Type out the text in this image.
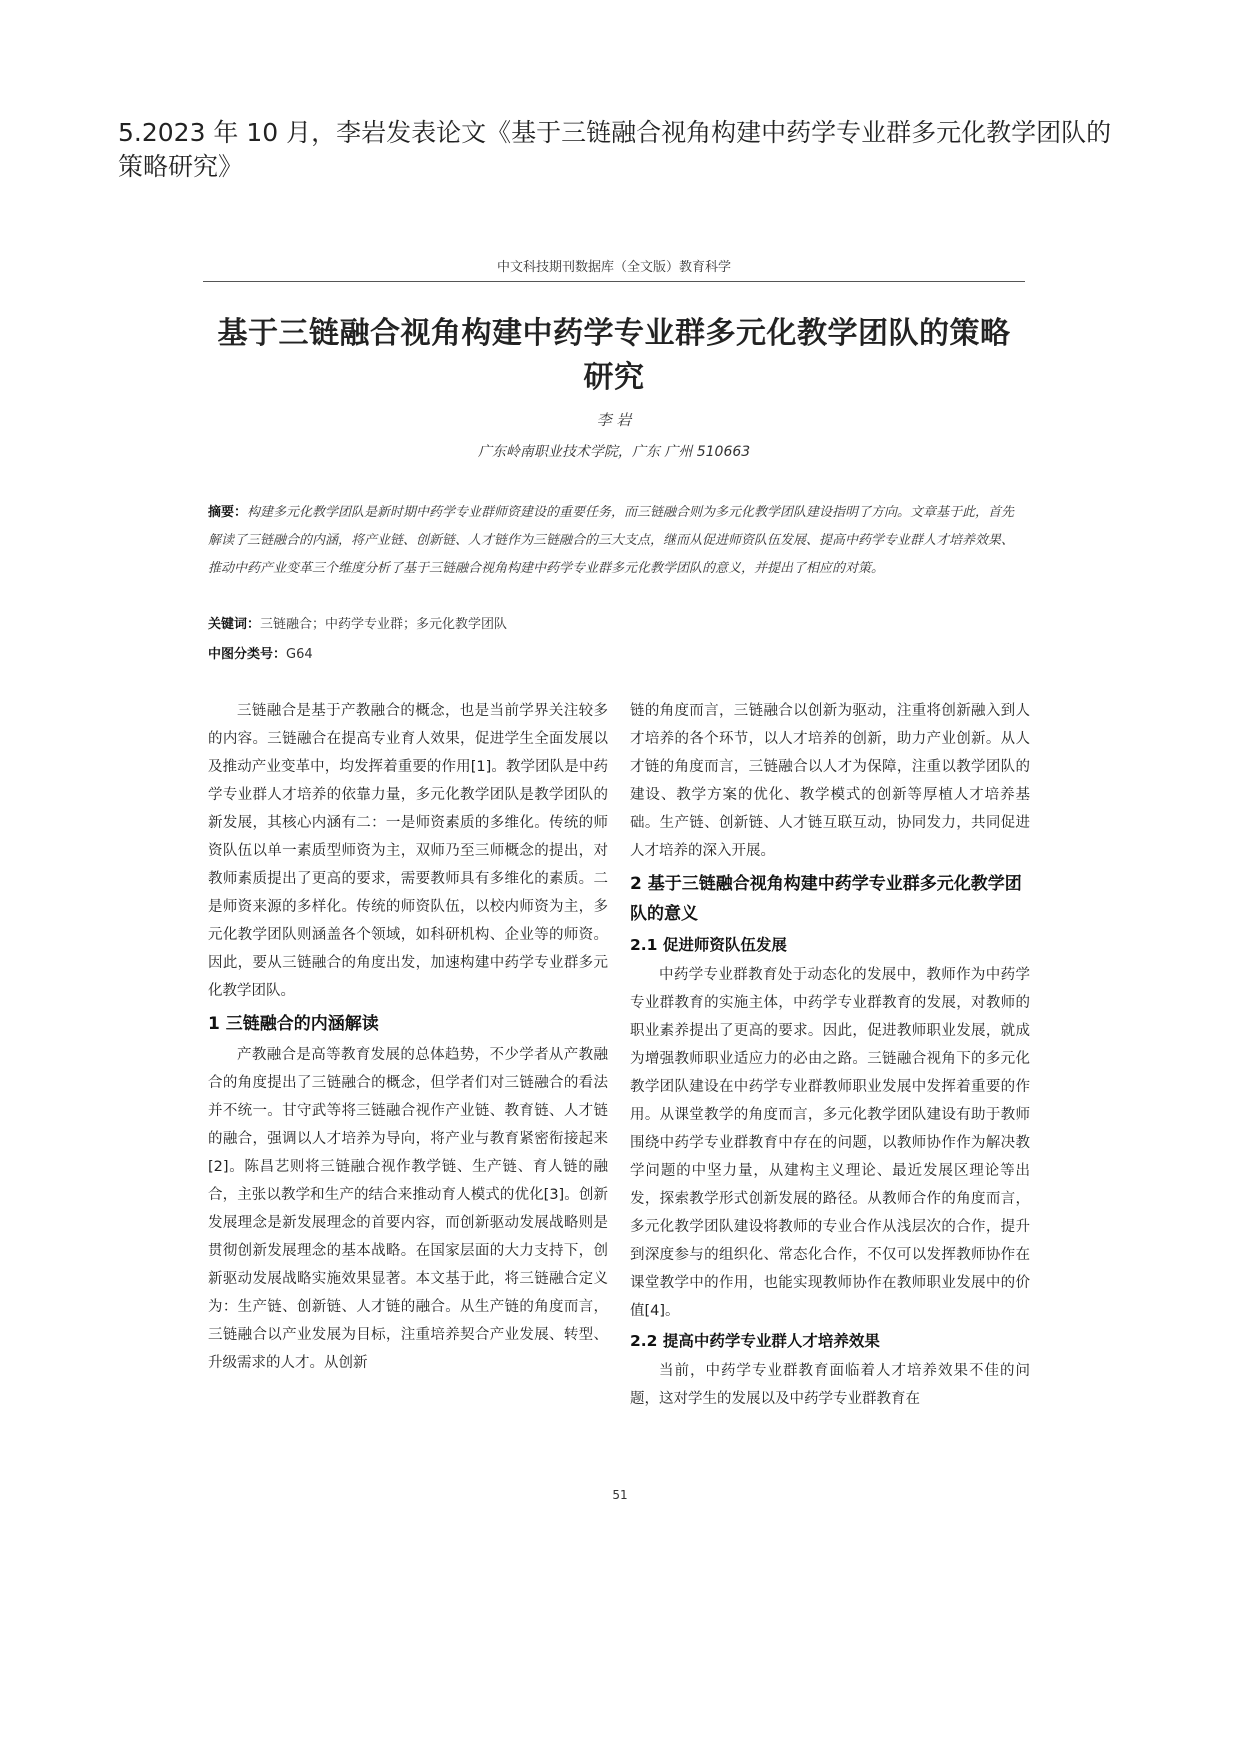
5.2023 年 10 月，李岩发表论文《基于三链融合视角构建中药学专业群多元化教学团队的策略研究》
中文科技期刊数据库（全文版）教育科学
基于三链融合视角构建中药学专业群多元化教学团队的策略研究
李 岩
广东岭南职业技术学院，广东 广州 510663
摘要：构建多元化教学团队是新时期中药学专业群师资建设的重要任务，而三链融合则为多元化教学团队建设指明了方向。文章基于此，首先解读了三链融合的内涵，将产业链、创新链、人才链作为三链融合的三大支点，继而从促进师资队伍发展、提高中药学专业群人才培养效果、推动中药产业变革三个维度分析了基于三链融合视角构建中药学专业群多元化教学团队的意义，并提出了相应的对策。
关键词：三链融合；中药学专业群；多元化教学团队
中图分类号：G64

三链融合是基于产教融合的概念，也是当前学界关注较多的内容。三链融合在提高专业育人效果，促进学生全面发展以及推动产业变革中，均发挥着重要的作用[1]。教学团队是中药学专业群人才培养的依靠力量，多元化教学团队是教学团队的新发展，其核心内涵有二：一是师资素质的多维化。传统的师资队伍以单一素质型师资为主，双师乃至三师概念的提出，对教师素质提出了更高的要求，需要教师具有多维化的素质。二是师资来源的多样化。传统的师资队伍，以校内师资为主，多元化教学团队则涵盖各个领域，如科研机构、企业等的师资。因此，要从三链融合的角度出发，加速构建中药学专业群多元化教学团队。

1 三链融合的内涵解读

产教融合是高等教育发展的总体趋势，不少学者从产教融合的角度提出了三链融合的概念，但学者们对三链融合的看法并不统一。甘守武等将三链融合视作产业链、教育链、人才链的融合，强调以人才培养为导向，将产业与教育紧密衔接起来[2]。陈昌艺则将三链融合视作教学链、生产链、育人链的融合，主张以教学和生产的结合来推动育人模式的优化[3]。创新发展理念是新发展理念的首要内容，而创新驱动发展战略则是贯彻创新发展理念的基本战略。在国家层面的大力支持下，创新驱动发展战略实施效果显著。本文基于此，将三链融合定义为：生产链、创新链、人才链的融合。从生产链的角度而言，三链融合以产业发展为目标，注重培养契合产业发展、转型、升级需求的人才。从创新

链的角度而言，三链融合以创新为驱动，注重将创新融入到人才培养的各个环节，以人才培养的创新，助力产业创新。从人才链的角度而言，三链融合以人才为保障，注重以教学团队的建设、教学方案的优化、教学模式的创新等厚植人才培养基础。生产链、创新链、人才链互联互动，协同发力，共同促进人才培养的深入开展。

2 基于三链融合视角构建中药学专业群多元化教学团队的意义
2.1 促进师资队伍发展

中药学专业群教育处于动态化的发展中，教师作为中药学专业群教育的实施主体，中药学专业群教育的发展，对教师的职业素养提出了更高的要求。因此，促进教师职业发展，就成为增强教师职业适应力的必由之路。三链融合视角下的多元化教学团队建设在中药学专业群教师职业发展中发挥着重要的作用。从课堂教学的角度而言，多元化教学团队建设有助于教师围绕中药学专业群教育中存在的问题，以教师协作作为解决教学问题的中坚力量，从建构主义理论、最近发展区理论等出发，探索教学形式创新发展的路径。从教师合作的角度而言，多元化教学团队建设将教师的专业合作从浅层次的合作，提升到深度参与的组织化、常态化合作，不仅可以发挥教师协作在课堂教学中的作用，也能实现教师协作在教师职业发展中的价值[4]。

2.2 提高中药学专业群人才培养效果

当前，中药学专业群教育面临着人才培养效果不佳的问题，这对学生的发展以及中药学专业群教育在

51
